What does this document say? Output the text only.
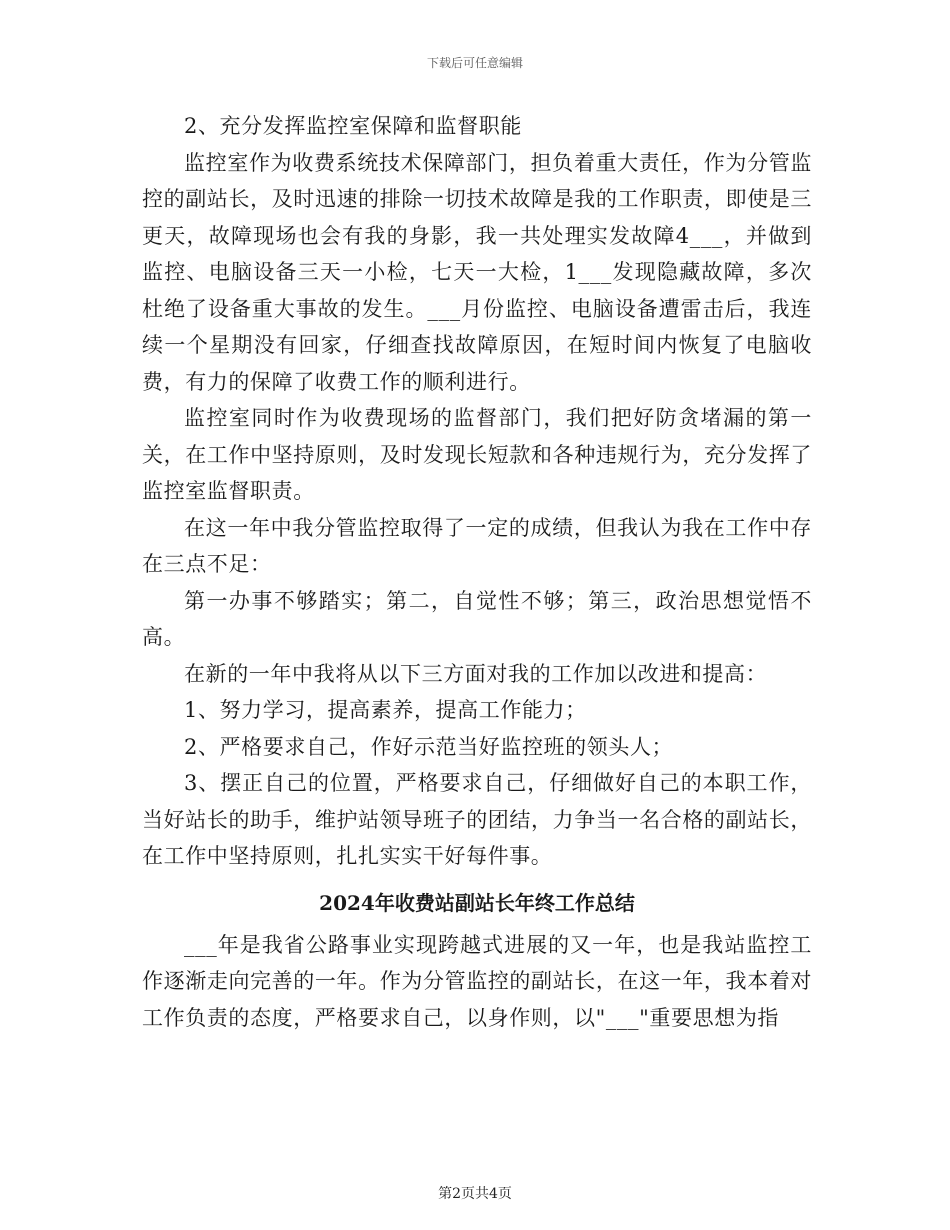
下载后可任意编辑

2、充分发挥监控室保障和监督职能

监控室作为收费系统技术保障部门，担负着重大责任，作为分管监控的副站长，及时迅速的排除一切技术故障是我的工作职责，即使是三更天，故障现场也会有我的身影，我一共处理实发故障4___，并做到监控、电脑设备三天一小检，七天一大检，1___发现隐藏故障，多次杜绝了设备重大事故的发生。___月份监控、电脑设备遭雷击后，我连续一个星期没有回家，仔细查找故障原因，在短时间内恢复了电脑收费，有力的保障了收费工作的顺利进行。

监控室同时作为收费现场的监督部门，我们把好防贪堵漏的第一关，在工作中坚持原则，及时发现长短款和各种违规行为，充分发挥了监控室监督职责。

在这一年中我分管监控取得了一定的成绩，但我认为我在工作中存在三点不足：

第一办事不够踏实；第二，自觉性不够；第三，政治思想觉悟不高。

在新的一年中我将从以下三方面对我的工作加以改进和提高：

1、努力学习，提高素养，提高工作能力；

2、严格要求自己，作好示范当好监控班的领头人；

3、摆正自己的位置，严格要求自己，仔细做好自己的本职工作，当好站长的助手，维护站领导班子的团结，力争当一名合格的副站长，在工作中坚持原则，扎扎实实干好每件事。

2024年收费站副站长年终工作总结

___年是我省公路事业实现跨越式进展的又一年，也是我站监控工作逐渐走向完善的一年。作为分管监控的副站长，在这一年，我本着对工作负责的态度，严格要求自己，以身作则，以"___"重要思想为指

第2页共4页
